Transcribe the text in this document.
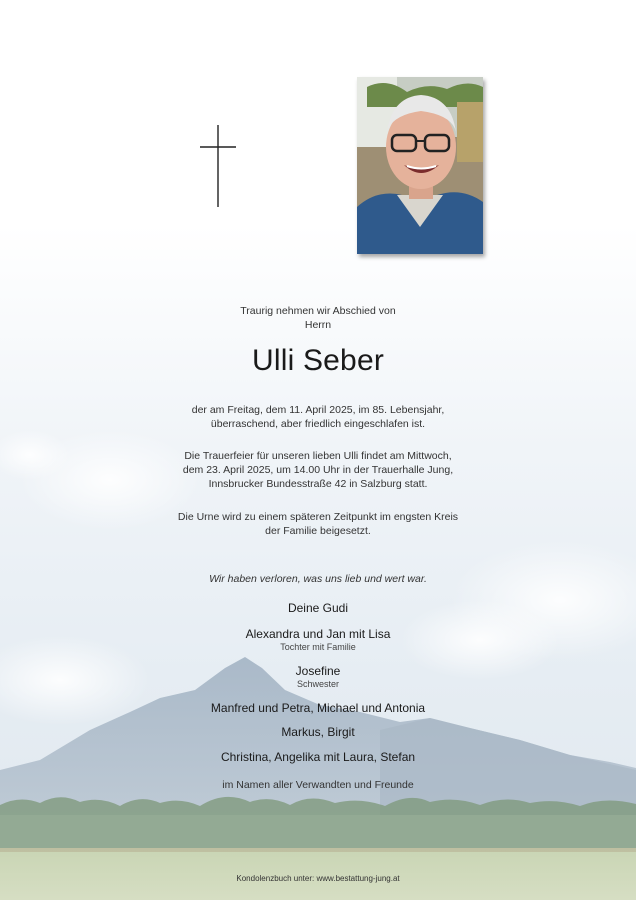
Traurig nehmen wir Abschied von
Herrn
Ulli Seber
der am Freitag, dem 11. April 2025, im 85. Lebensjahr,
überraschend, aber friedlich eingeschlafen ist.
Die Trauerfeier für unseren lieben Ulli findet am Mittwoch,
dem 23. April 2025, um 14.00 Uhr in der Trauerhalle Jung,
Innsbrucker Bundesstraße 42 in Salzburg statt.
Die Urne wird zu einem späteren Zeitpunkt im engsten Kreis
der Familie beigesetzt.
Wir haben verloren, was uns lieb und wert war.
Deine Gudi
Alexandra und Jan mit Lisa
Tochter mit Familie
Josefine
Schwester
Manfred und Petra, Michael und Antonia
Markus, Birgit
Christina, Angelika mit Laura, Stefan
im Namen aller Verwandten und Freunde
Kondolenzbuch unter: www.bestattung-jung.at
